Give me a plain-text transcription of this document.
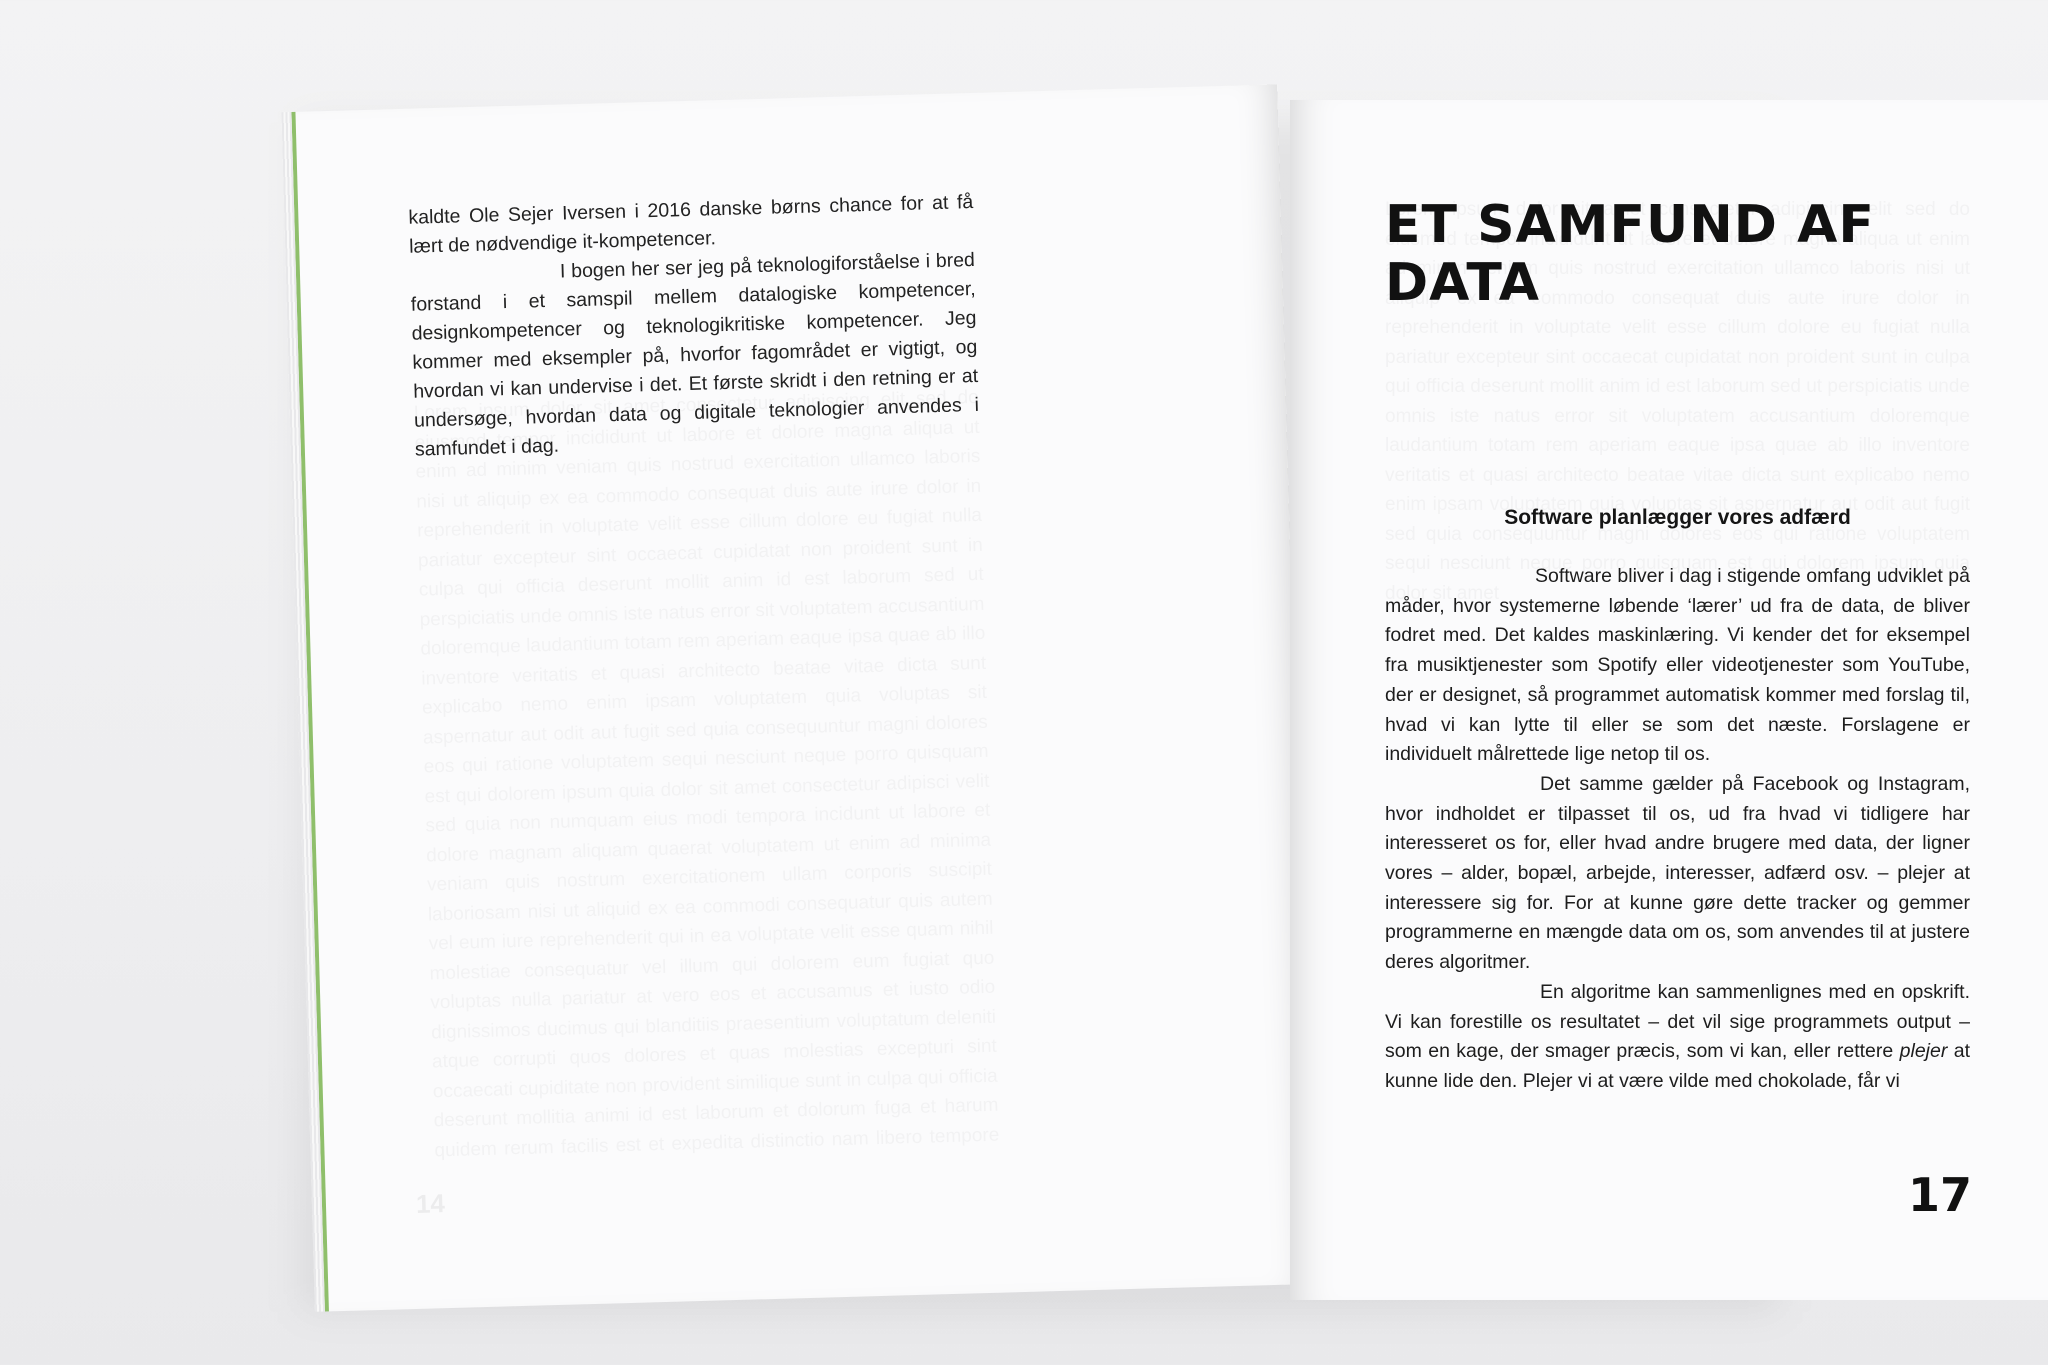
kaldte Ole Sejer Iversen i 2016 danske børns chance for at få lært de nødvendige it-kompetencer.

I bogen her ser jeg på teknologiforståelse i bred forstand i et samspil mellem datalogiske kompetencer, designkompetencer og teknologikritiske kompetencer. Jeg kommer med eksempler på, hvorfor fagområdet er vigtigt, og hvordan vi kan undervise i det. Et første skridt i den retning er at undersøge, hvordan data og digitale teknologier anvendes i samfundet i dag.

14
ET SAMFUND AF DATA
Software planlægger vores adfærd

Software bliver i dag i stigende omfang udviklet på måder, hvor systemerne løbende ‘lærer’ ud fra de data, de bliver fodret med. Det kaldes maskinlæring. Vi kender det for eksempel fra musiktjenester som Spotify eller videotjenester som YouTube, der er designet, så programmet automatisk kommer med forslag til, hvad vi kan lytte til eller se som det næste. Forslagene er individuelt målrettede lige netop til os.

Det samme gælder på Facebook og Instagram, hvor indholdet er tilpasset til os, ud fra hvad vi tidligere har interesseret os for, eller hvad andre brugere med data, der ligner vores – alder, bopæl, arbejde, interesser, adfærd osv. – plejer at interessere sig for. For at kunne gøre dette tracker og gemmer programmerne en mængde data om os, som anvendes til at justere deres algoritmer.

En algoritme kan sammenlignes med en opskrift. Vi kan forestille os resultatet – det vil sige programmets output – som en kage, der smager præcis, som vi kan, eller rettere plejer at kunne lide den. Plejer vi at være vilde med chokolade, får vi

17
